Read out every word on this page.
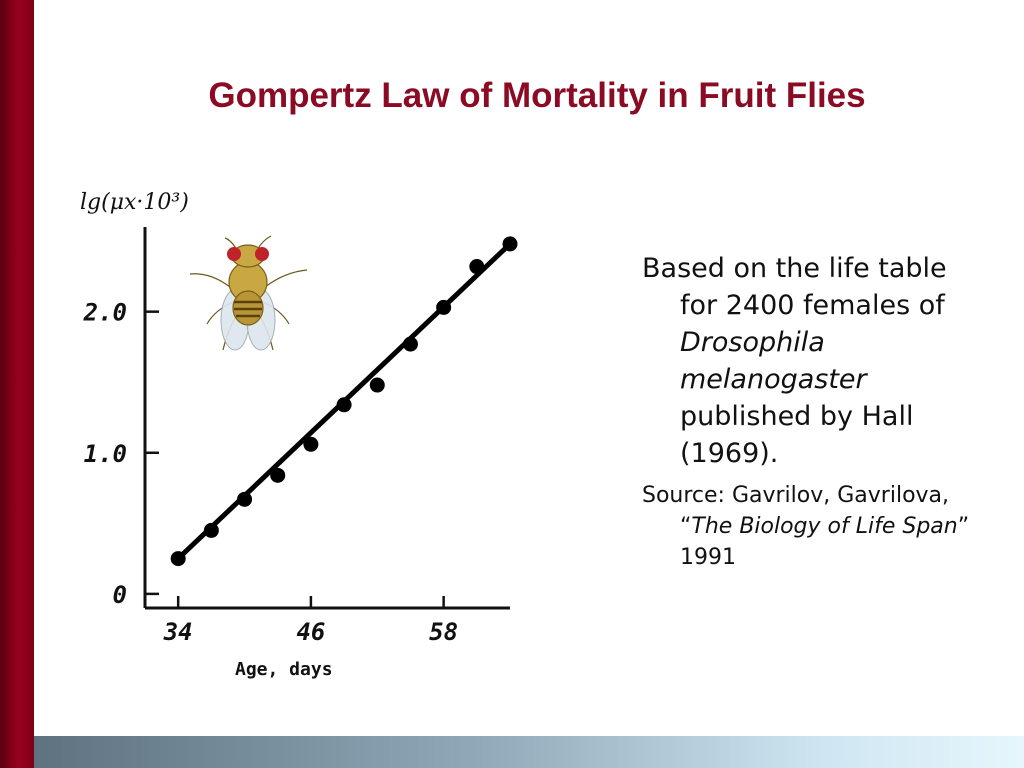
Gompertz Law of Mortality in Fruit Flies
lg(μx·10³)
0
1.0
2.0
34	46	58
Age, days

Based on the life table for 2400 females of Drosophila melanogaster published by Hall (1969).

Source: Gavrilov, Gavrilova, “The Biology of Life Span” 1991
